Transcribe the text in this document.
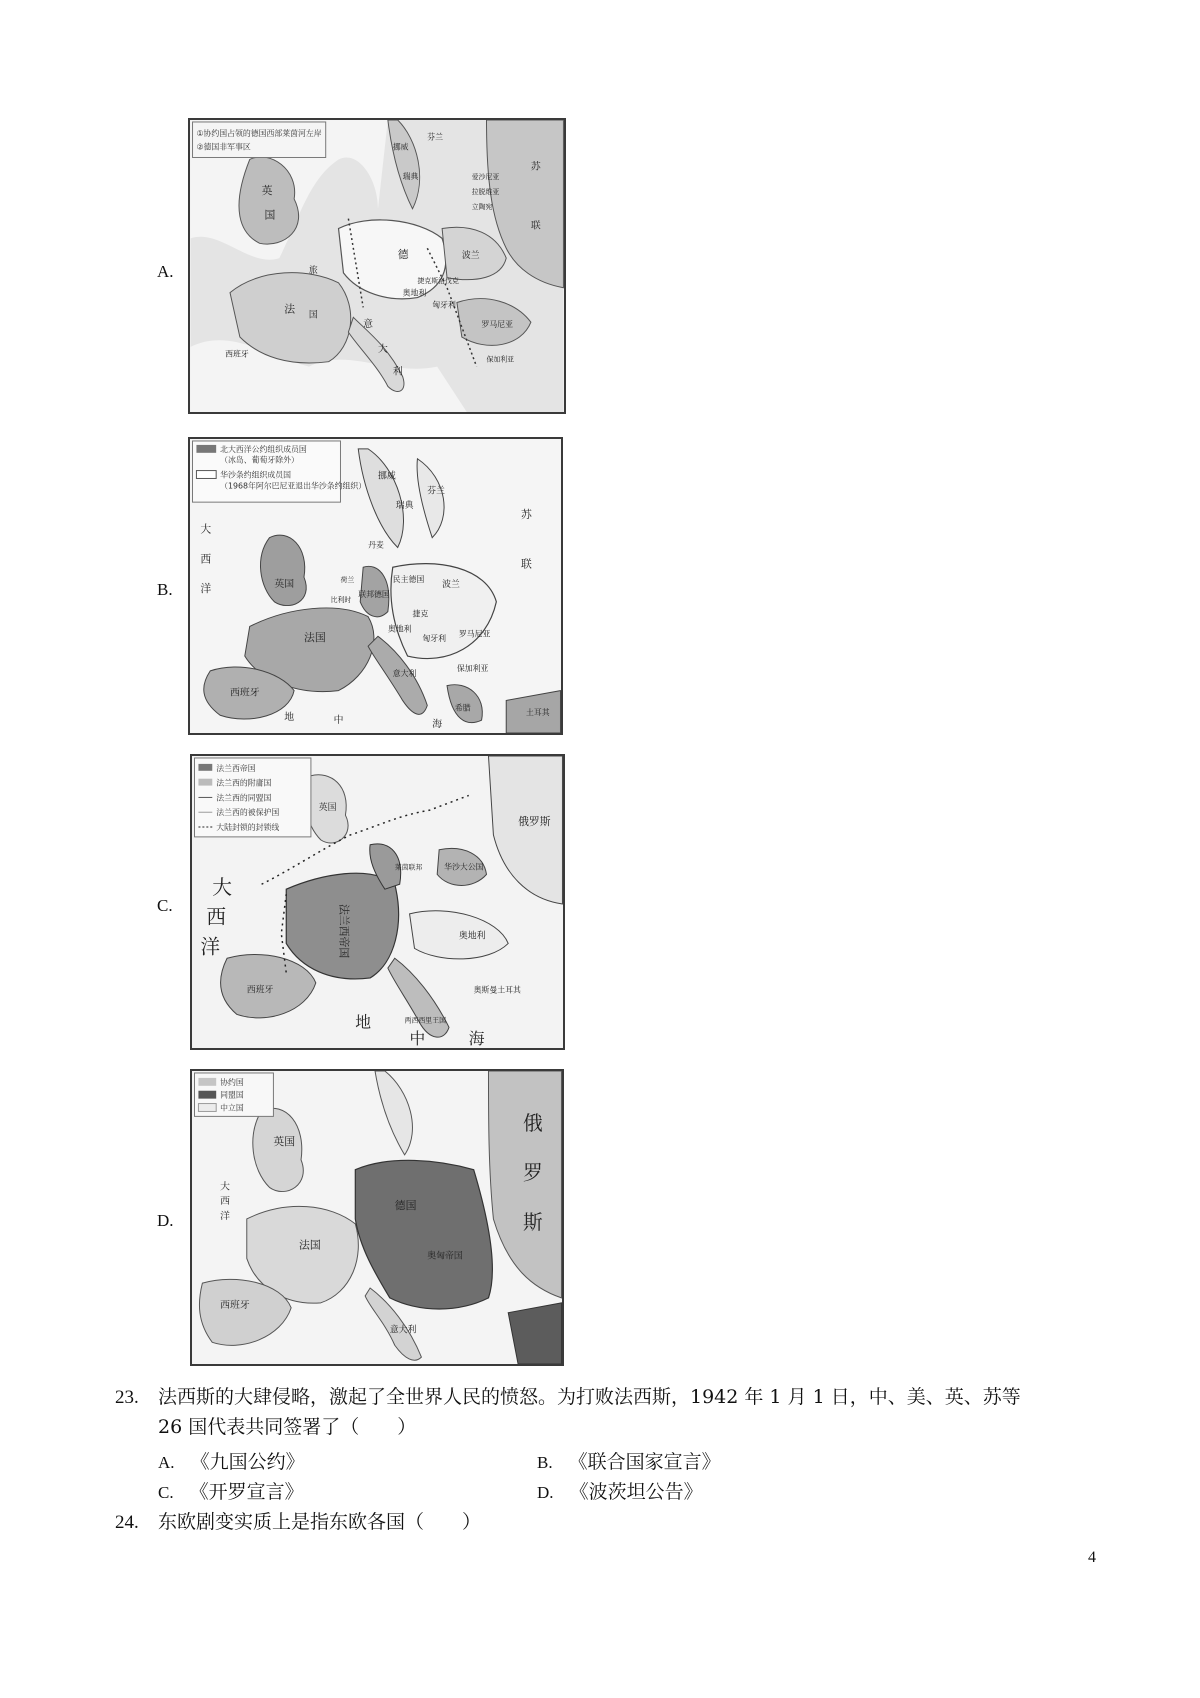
A.
①协约国占领的德国西部莱茵河左岸
②德国非军事区
英
国
挪威
瑞典
苏
联
德	波兰
旅
国
法
奥地利
意
大
利
西班牙
罗马尼亚
捷克斯洛伐克
匈牙利
保加利亚
立陶宛
拉脱维亚
爱沙尼亚
芬兰
B.
北大西洋公约组织成员国
（冰岛、葡萄牙除外）
华沙条约组织成员国
（1968年阿尔巴尼亚退出华沙条约组织）
大
西
洋
挪威
瑞典
芬兰
英国
丹麦
荷兰
比利时
民主德国
联邦德国
波兰
法国
捷克
奥地利
罗马尼亚
匈牙利
西班牙
意大利
保加利亚
希腊
土耳其
苏
联
地	中	海
C.
法兰西帝国
法兰西的附庸国
法兰西的同盟国
法兰西的被保护国
大陆封锁的封锁线
大
西
洋	法兰西帝国
西班牙
俄罗斯
奥地利
华沙大公国
莱茵联邦
奥斯曼土耳其
两西西里王国
地
中	海
英国
D.
协约国
同盟国
中立国
英国
大
西
洋
法国
西班牙
德国
奥匈帝国
意大利
俄
罗
斯
23. 法西斯的大肆侵略，激起了全世界人民的愤怒。为打败法西斯，1942 年 1 月 1 日，中、美、英、苏等
26 国代表共同签署了（　　）
A. 《九国公约》	B. 《联合国家宣言》
C. 《开罗宣言》	D. 《波茨坦公告》
24. 东欧剧变实质上是指东欧各国（　　）
4
